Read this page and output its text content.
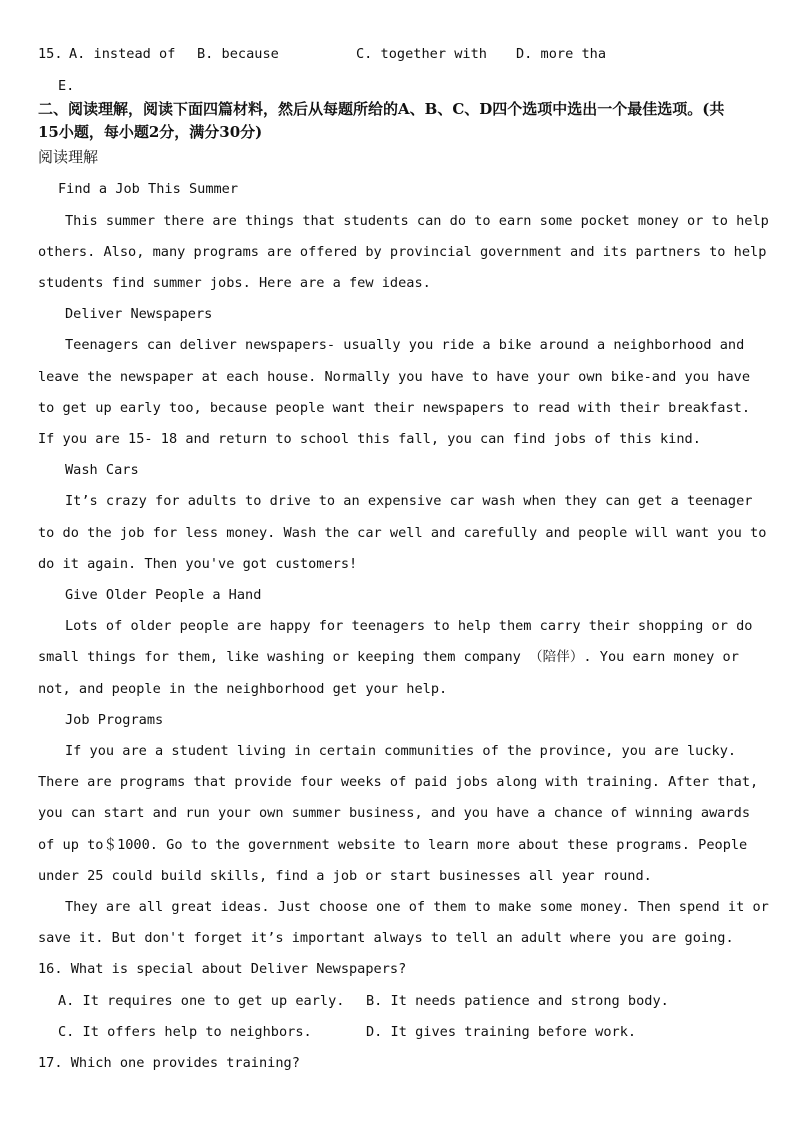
15. A. instead of B. because	C. together with D. more tha
E.
二、阅读理解，阅读下面四篇材料，然后从每题所给的A、B、C、D四个选项中选出一个最佳选项。(共
15小题，每小题2分，满分30分)
阅读理解
Find a Job This Summer
This summer there are things that students can do to earn some pocket money or to help
others. Also, many programs are offered by provincial government and its partners to help
students find summer jobs. Here are a few ideas.
Deliver Newspapers
Teenagers can deliver newspapers- usually you ride a bike around a neighborhood and
leave the newspaper at each house. Normally you have to have your own bike-and you have
to get up early too, because people want their newspapers to read with their breakfast.
If you are 15- 18 and return to school this fall, you can find jobs of this kind.
Wash Cars
It’s crazy for adults to drive to an expensive car wash when they can get a teenager
to do the job for less money. Wash the car well and carefully and people will want you to
do it again. Then you've got customers!
Give Older People a Hand
Lots of older people are happy for teenagers to help them carry their shopping or do
small things for them, like washing or keeping them company （陪伴）. You earn money or
not, and people in the neighborhood get your help.
Job Programs
If you are a student living in certain communities of the province, you are lucky.
There are programs that provide four weeks of paid jobs along with training. After that,
you can start and run your own summer business, and you have a chance of winning awards
of up to＄1000. Go to the government website to learn more about these programs. People
under 25 could build skills, find a job or start businesses all year round.
They are all great ideas. Just choose one of them to make some money. Then spend it or
save it. But don't forget it’s important always to tell an adult where you are going.
16. What is special about Deliver Newspapers?
A. It requires one to get up early. B. It needs patience and strong body.
C. It offers help to neighbors.	D. It gives training before work.
17. Which one provides training?
